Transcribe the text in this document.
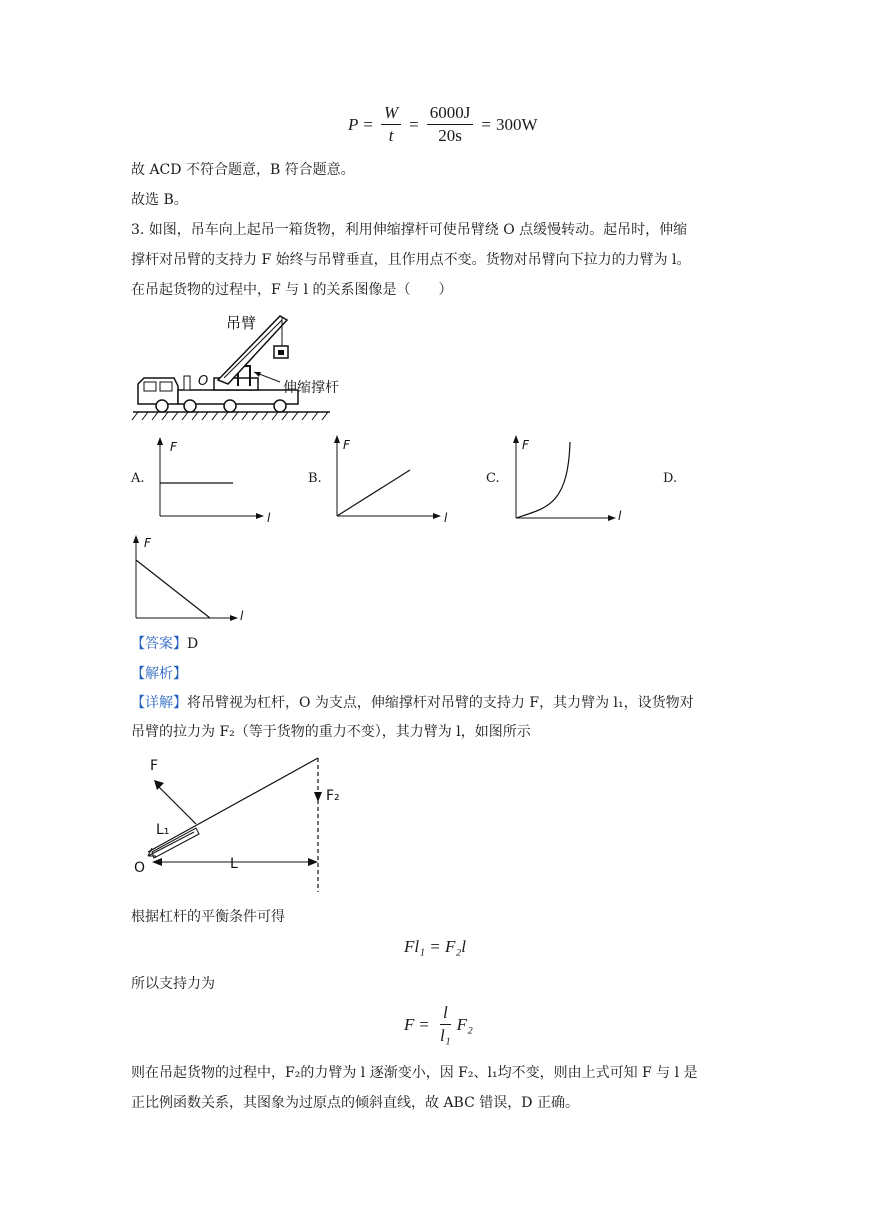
$P = \frac{W}{t} = \frac{6000J}{20s} = 300W$
故 ACD 不符合题意，B 符合题意。
故选 B。
3. 如图，吊车向上起吊一箱货物，利用伸缩撑杆可使吊臂绕 O 点缓慢转动。起吊时，伸缩
撑杆对吊臂的支持力 F 始终与吊臂垂直，且作用点不变。货物对吊臂向下拉力的力臂为 l。
在吊起货物的过程中，F 与 l 的关系图像是（　　）
吊臂
伸缩撑杆
O
A.
F
l
B.
F
l
C.
F
l
D.
F
l
【答案】D
【解析】
【详解】将吊臂视为杠杆，O 为支点，伸缩撑杆对吊臂的支持力 F，其力臂为 l₁，设货物对
吊臂的拉力为 F₂（等于货物的重力不变），其力臂为 l，如图所示
F
F₂
L₁
L
O
根据杠杆的平衡条件可得
Fl₁ = F₂l
所以支持力为
$F = \frac{l}{\text{l₁}} F_2$
则在吊起货物的过程中，F₂的力臂为 l 逐渐变小，因 F₂、l₁均不变，则由上式可知 F 与 l 是
正比例函数关系，其图象为过原点的倾斜直线，故 ABC 错误，D 正确。
